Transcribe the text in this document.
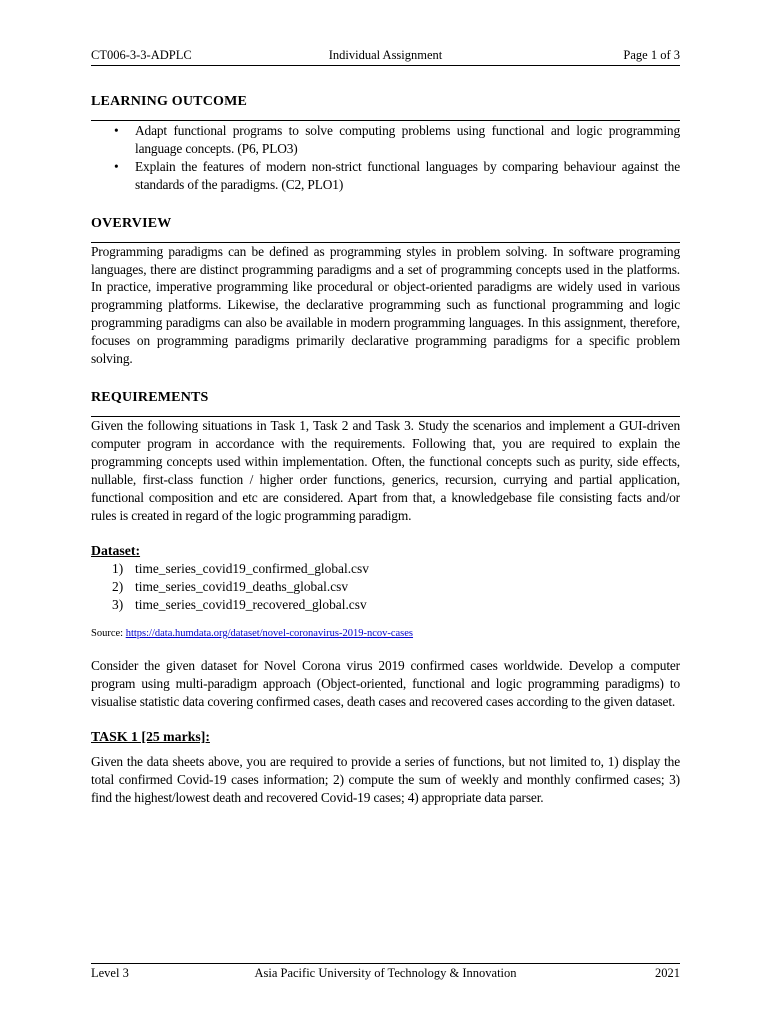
CT006-3-3-ADPLC	Individual Assignment	Page 1 of 3

LEARNING OUTCOME

• Adapt functional programs to solve computing problems using functional and logic programming language concepts. (P6, PLO3)
• Explain the features of modern non-strict functional languages by comparing behaviour against the standards of the paradigms. (C2, PLO1)

OVERVIEW

Programming paradigms can be defined as programming styles in problem solving. In software programing languages, there are distinct programming paradigms and a set of programming concepts used in the platforms. In practice, imperative programming like procedural or object-oriented paradigms are widely used in various programming platforms. Likewise, the declarative programming such as functional programming and logic programming paradigms can also be available in modern programming languages. In this assignment, therefore, focuses on programming paradigms primarily declarative programming paradigms for a specific problem solving.

REQUIREMENTS

Given the following situations in Task 1, Task 2 and Task 3. Study the scenarios and implement a GUI-driven computer program in accordance with the requirements. Following that, you are required to explain the programming concepts used within implementation. Often, the functional concepts such as purity, side effects, nullable, first-class function / higher order functions, generics, recursion, currying and partial application, functional composition and etc are considered. Apart from that, a knowledgebase file consisting facts and/or rules is created in regard of the logic programming paradigm.

Dataset:

1) time_series_covid19_confirmed_global.csv
2) time_series_covid19_deaths_global.csv
3) time_series_covid19_recovered_global.csv

Source: https://data.humdata.org/dataset/novel-coronavirus-2019-ncov-cases

Consider the given dataset for Novel Corona virus 2019 confirmed cases worldwide. Develop a computer program using multi-paradigm approach (Object-oriented, functional and logic programming paradigms) to visualise statistic data covering confirmed cases, death cases and recovered cases according to the given dataset.

TASK 1 [25 marks]:

Given the data sheets above, you are required to provide a series of functions, but not limited to, 1) display the total confirmed Covid-19 cases information; 2) compute the sum of weekly and monthly confirmed cases; 3) find the highest/lowest death and recovered Covid-19 cases; 4) appropriate data parser.

Level 3	Asia Pacific University of Technology & Innovation	2021
